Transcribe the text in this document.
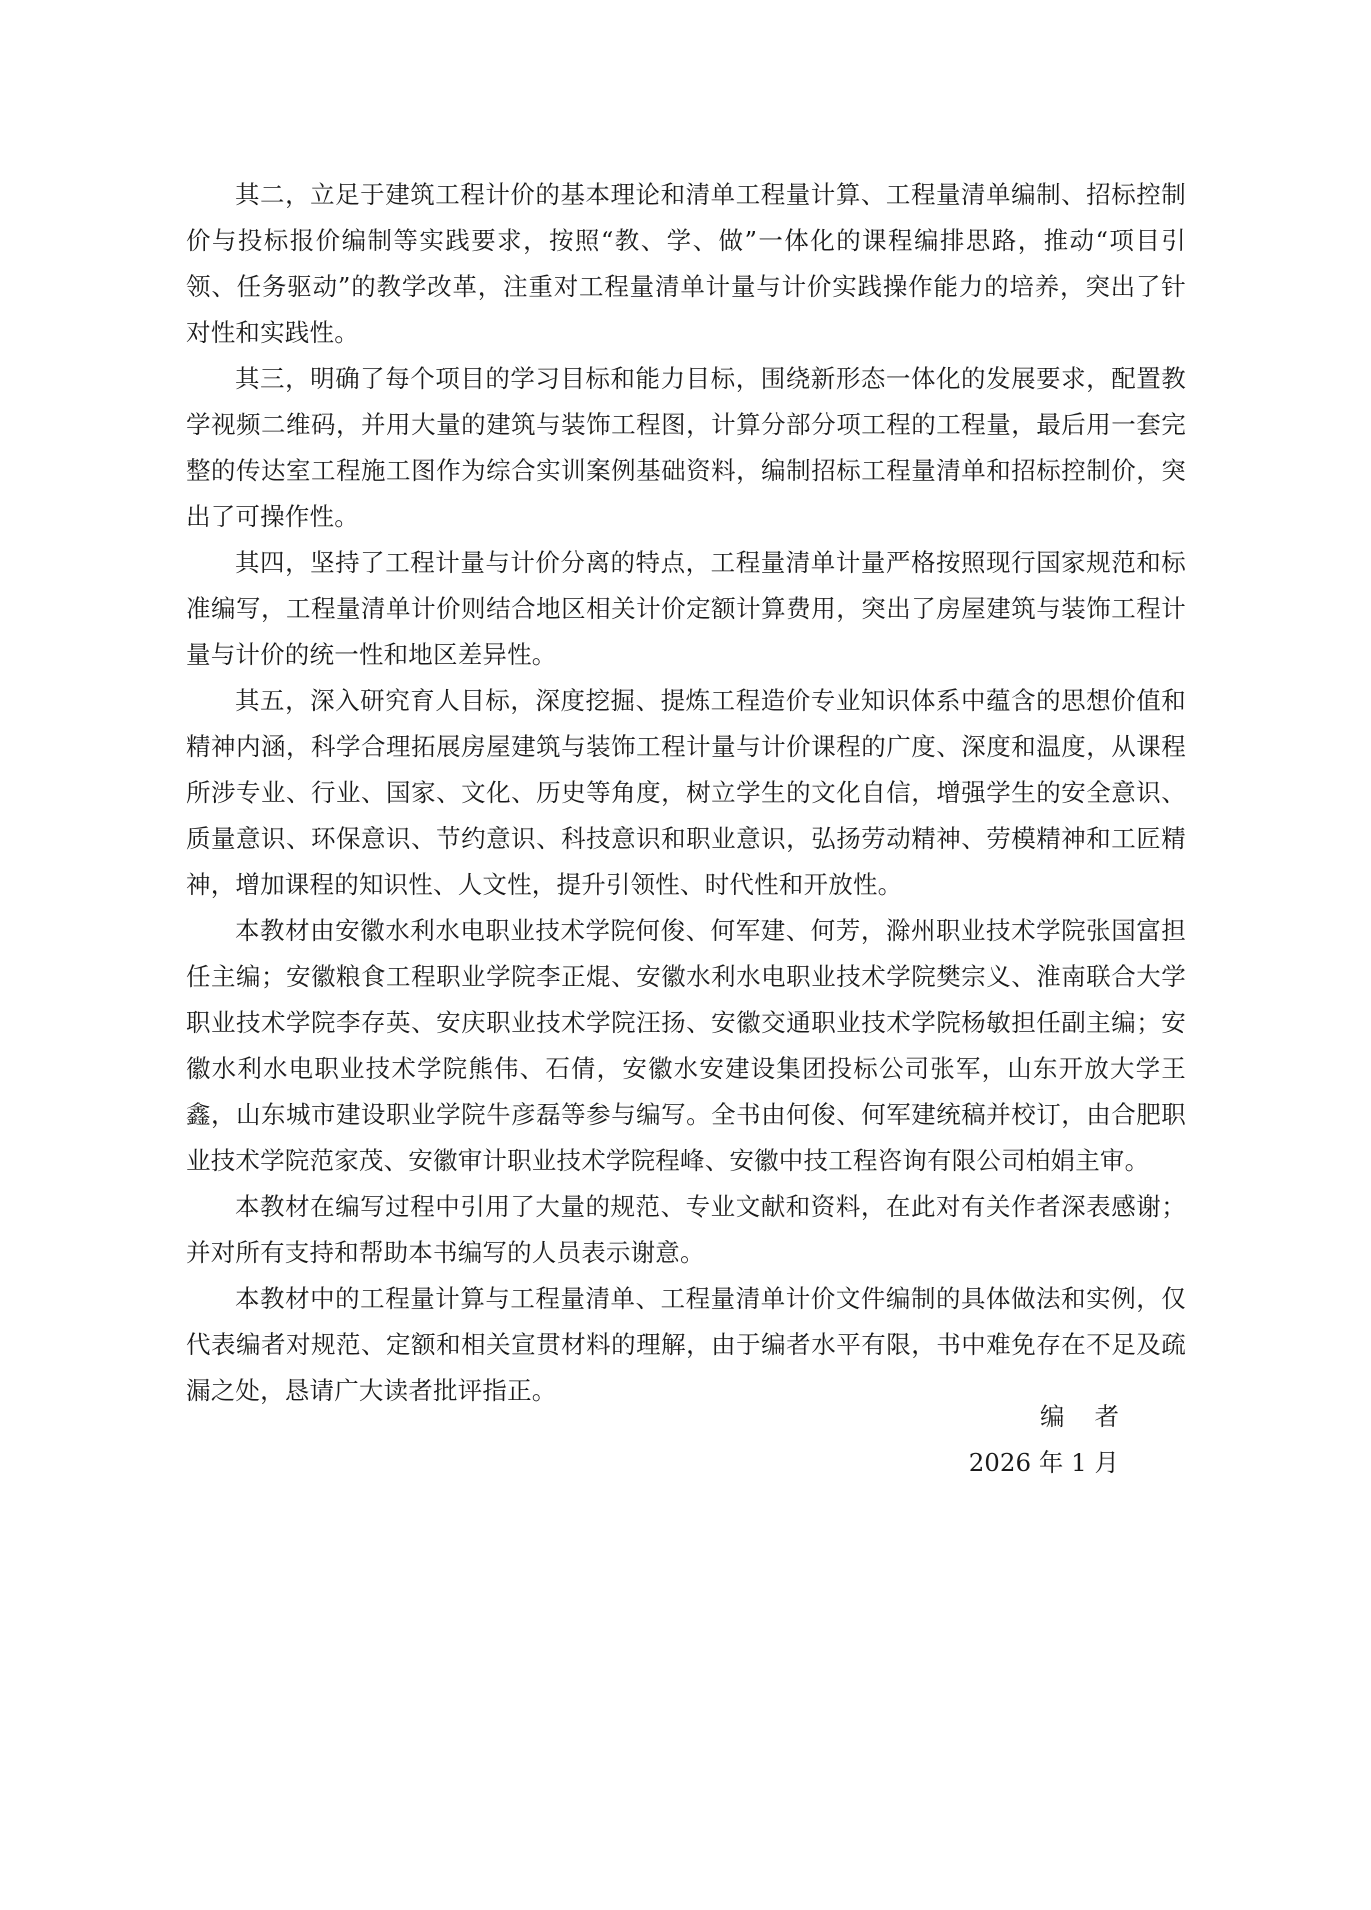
其二，立足于建筑工程计价的基本理论和清单工程量计算、工程量清单编制、招标控制价与投标报价编制等实践要求，按照“教、学、做”一体化的课程编排思路，推动“项目引领、任务驱动”的教学改革，注重对工程量清单计量与计价实践操作能力的培养，突出了针对性和实践性。

其三，明确了每个项目的学习目标和能力目标，围绕新形态一体化的发展要求，配置教学视频二维码，并用大量的建筑与装饰工程图，计算分部分项工程的工程量，最后用一套完整的传达室工程施工图作为综合实训案例基础资料，编制招标工程量清单和招标控制价，突出了可操作性。

其四，坚持了工程计量与计价分离的特点，工程量清单计量严格按照现行国家规范和标准编写，工程量清单计价则结合地区相关计价定额计算费用，突出了房屋建筑与装饰工程计量与计价的统一性和地区差异性。

其五，深入研究育人目标，深度挖掘、提炼工程造价专业知识体系中蕴含的思想价值和精神内涵，科学合理拓展房屋建筑与装饰工程计量与计价课程的广度、深度和温度，从课程所涉专业、行业、国家、文化、历史等角度，树立学生的文化自信，增强学生的安全意识、质量意识、环保意识、节约意识、科技意识和职业意识，弘扬劳动精神、劳模精神和工匠精神，增加课程的知识性、人文性，提升引领性、时代性和开放性。

本教材由安徽水利水电职业技术学院何俊、何军建、何芳，滁州职业技术学院张国富担任主编；安徽粮食工程职业学院李正焜、安徽水利水电职业技术学院樊宗义、淮南联合大学职业技术学院李存英、安庆职业技术学院汪扬、安徽交通职业技术学院杨敏担任副主编；安徽水利水电职业技术学院熊伟、石倩，安徽水安建设集团投标公司张军，山东开放大学王鑫，山东城市建设职业学院牛彦磊等参与编写。全书由何俊、何军建统稿并校订，由合肥职业技术学院范家茂、安徽审计职业技术学院程峰、安徽中技工程咨询有限公司柏娟主审。

本教材在编写过程中引用了大量的规范、专业文献和资料，在此对有关作者深表感谢；并对所有支持和帮助本书编写的人员表示谢意。

本教材中的工程量计算与工程量清单、工程量清单计价文件编制的具体做法和实例，仅代表编者对规范、定额和相关宣贯材料的理解，由于编者水平有限，书中难免存在不足及疏漏之处，恳请广大读者批评指正。

编者
2026 年 1 月
